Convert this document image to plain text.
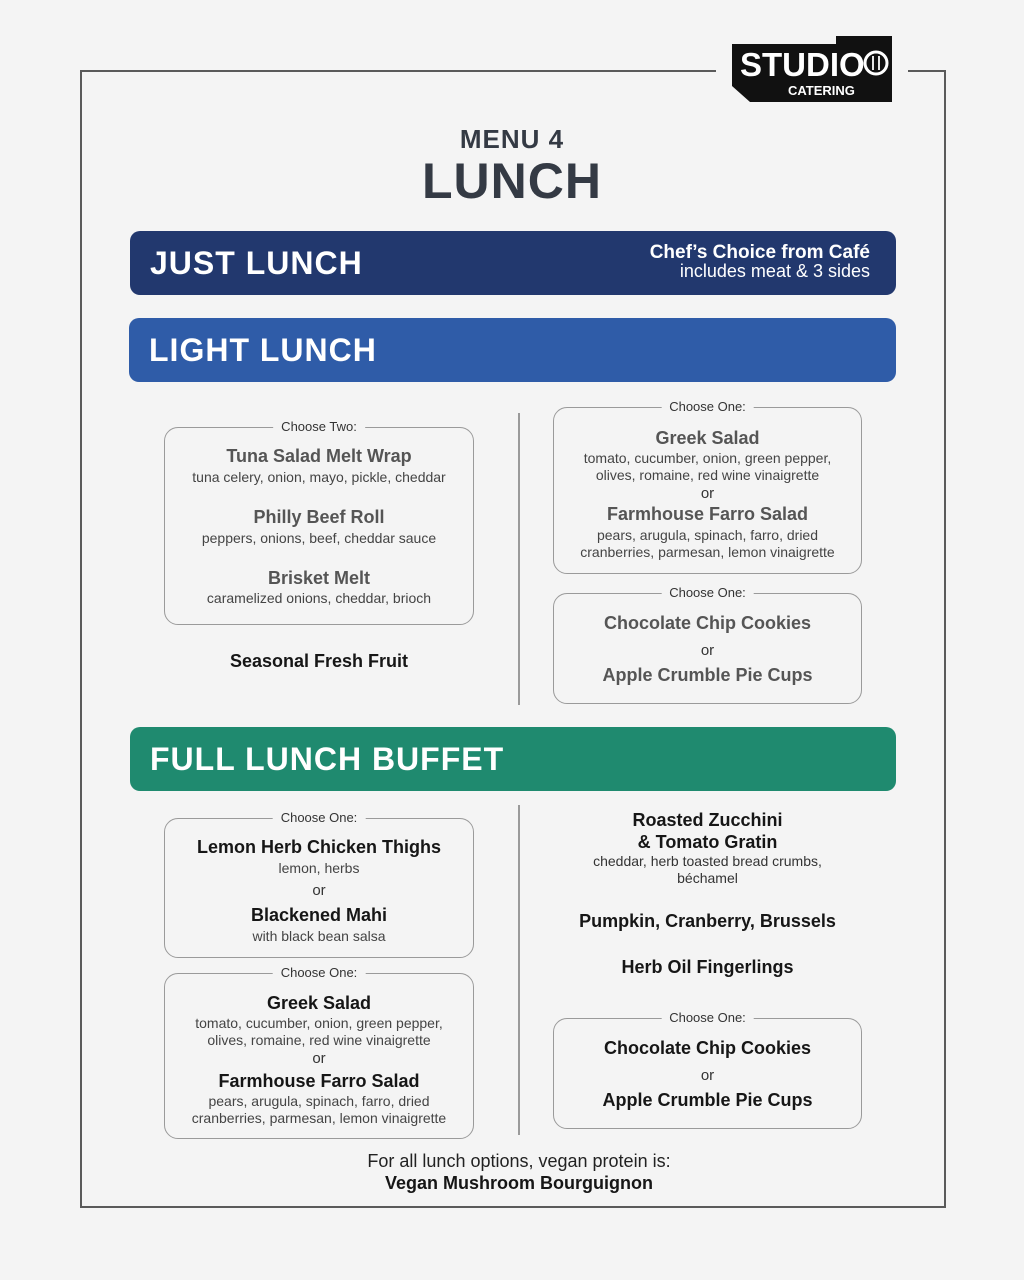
STUDIO
CATERING
MENU 4
LUNCH
JUST LUNCH	Chef’s Choice from Café
includes meat & 3 sides
LIGHT LUNCH
Choose Two:
Tuna Salad Melt Wrap
tuna celery, onion, mayo, pickle, cheddar
Philly Beef Roll
peppers, onions, beef, cheddar sauce
Brisket Melt
caramelized onions, cheddar, brioch
Seasonal Fresh Fruit
Choose One:
Greek Salad
tomato, cucumber, onion, green pepper,
olives, romaine, red wine vinaigrette
or
Farmhouse Farro Salad
pears, arugula, spinach, farro, dried
cranberries, parmesan, lemon vinaigrette
Choose One:
Chocolate Chip Cookies
or
Apple Crumble Pie Cups
FULL LUNCH BUFFET
Choose One:
Lemon Herb Chicken Thighs
lemon, herbs
or
Blackened Mahi
with black bean salsa
Choose One:
Greek Salad
tomato, cucumber, onion, green pepper,
olives, romaine, red wine vinaigrette
or
Farmhouse Farro Salad
pears, arugula, spinach, farro, dried
cranberries, parmesan, lemon vinaigrette
Roasted Zucchini
& Tomato Gratin
cheddar, herb toasted bread crumbs,
béchamel
Pumpkin, Cranberry, Brussels
Herb Oil Fingerlings
Choose One:
Chocolate Chip Cookies
or
Apple Crumble Pie Cups
For all lunch options, vegan protein is:
Vegan Mushroom Bourguignon
